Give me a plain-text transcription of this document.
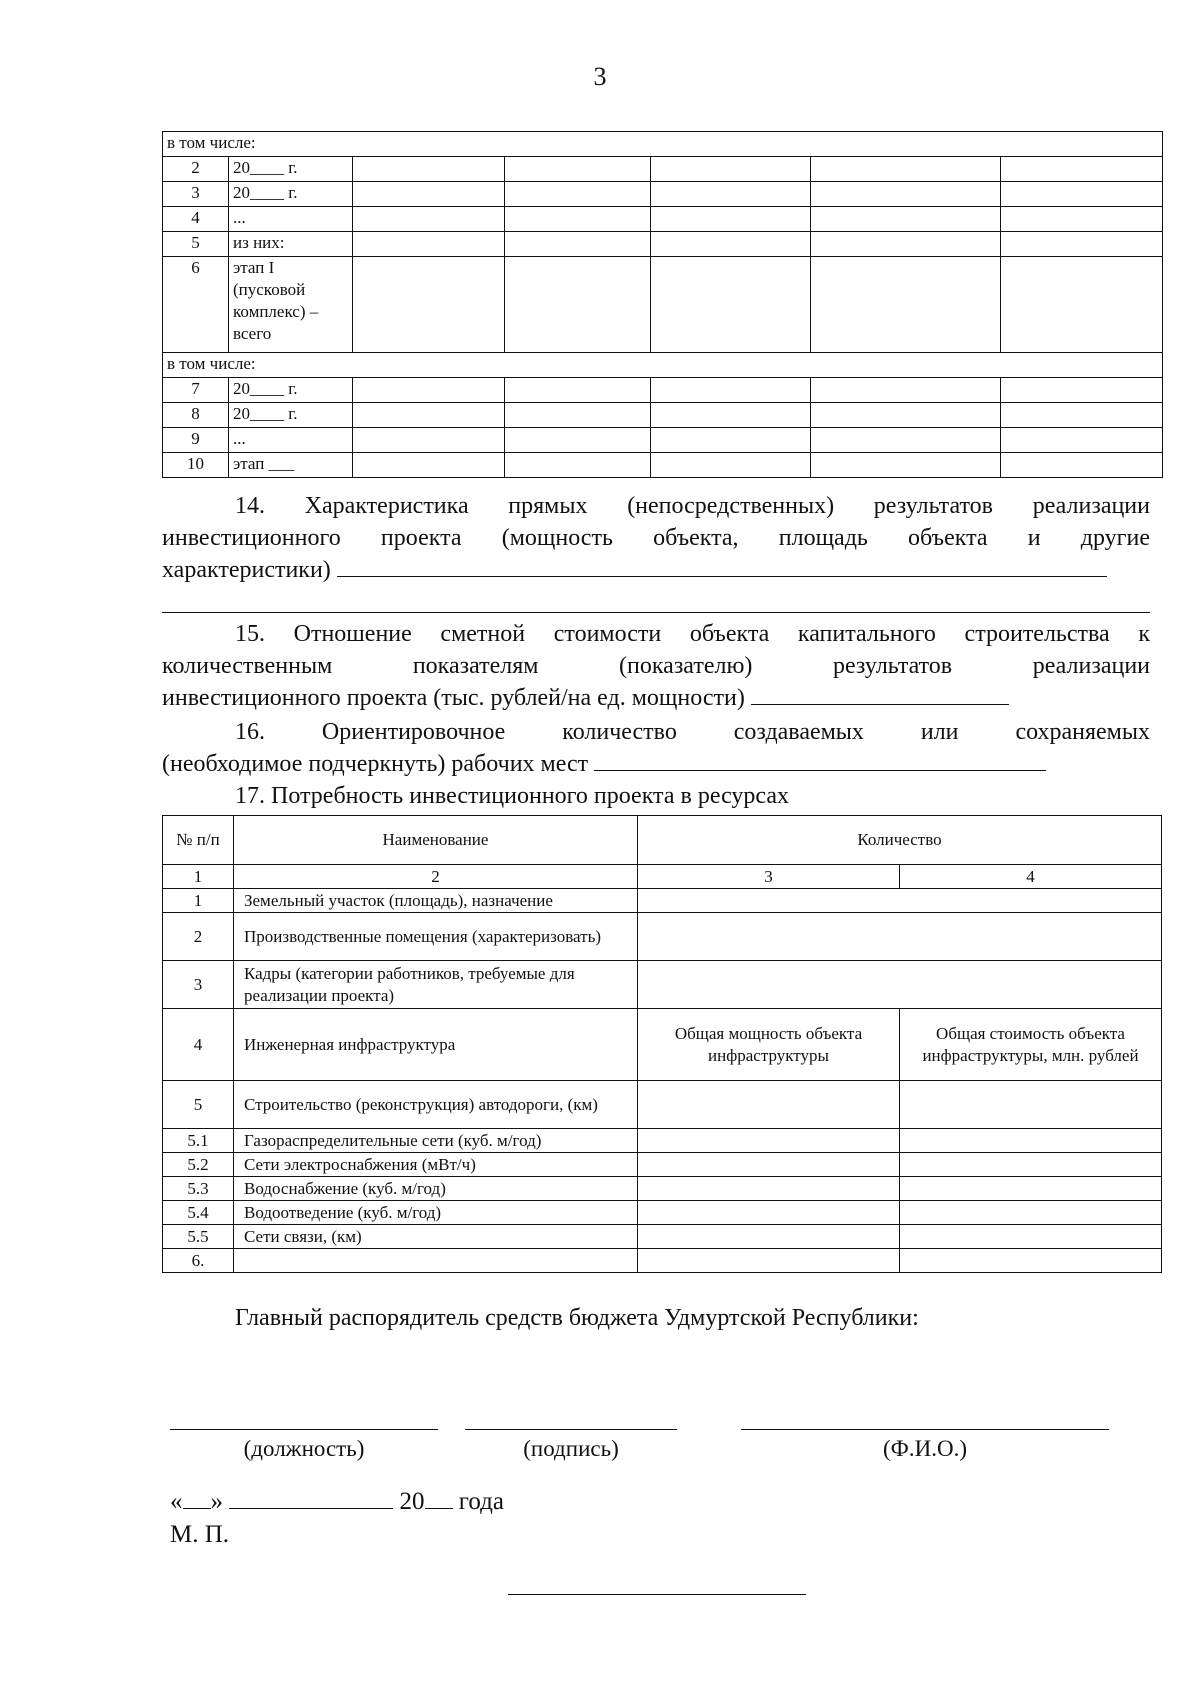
3
в том числе:						
2	20____ г.					
3	20____ г.					
4	...					
5	из них:					
6	этап I
(пусковой
комплекс) –
всего					

в том числе:						
7	20____ г.					
8	20____ г.					
9	...					
10	этап ___					
14. Характеристика прямых (непосредственных) результатов реализации
инвестиционного проекта (мощность объекта, площадь объекта и другие
характеристики)
15. Отношение сметной стоимости объекта капитального строительства к
количественным показателям (показателю) результатов реализации
инвестиционного проекта (тыс. рублей/на ед. мощности)
16. Ориентировочное количество создаваемых или сохраняемых
(необходимое подчеркнуть) рабочих мест
17. Потребность инвестиционного проекта в ресурсах
№ п/п	Наименование	Количество	
1	2	3	4
1	Земельный участок (площадь), назначение		
2	Производственные помещения (характеризовать)		
3	Кадры (категории работников, требуемые для реализации проекта)		
4	Инженерная инфраструктура	Общая мощность объекта инфраструктуры	Общая стоимость объекта инфраструктуры, млн. рублей
5	Строительство (реконструкция) автодороги, (км)		
5.1	Газораспределительные сети (куб. м/год)		
5.2	Сети электроснабжения (мВт/ч)		
5.3	Водоснабжение (куб. м/год)		
5.4	Водоотведение (куб. м/год)		
5.5	Сети связи, (км)		
6.			
Главный распорядитель средств бюджета Удмуртской Республики:
(должность)	(подпись)	(Ф.И.О.)
« »	20 года
М. П.
